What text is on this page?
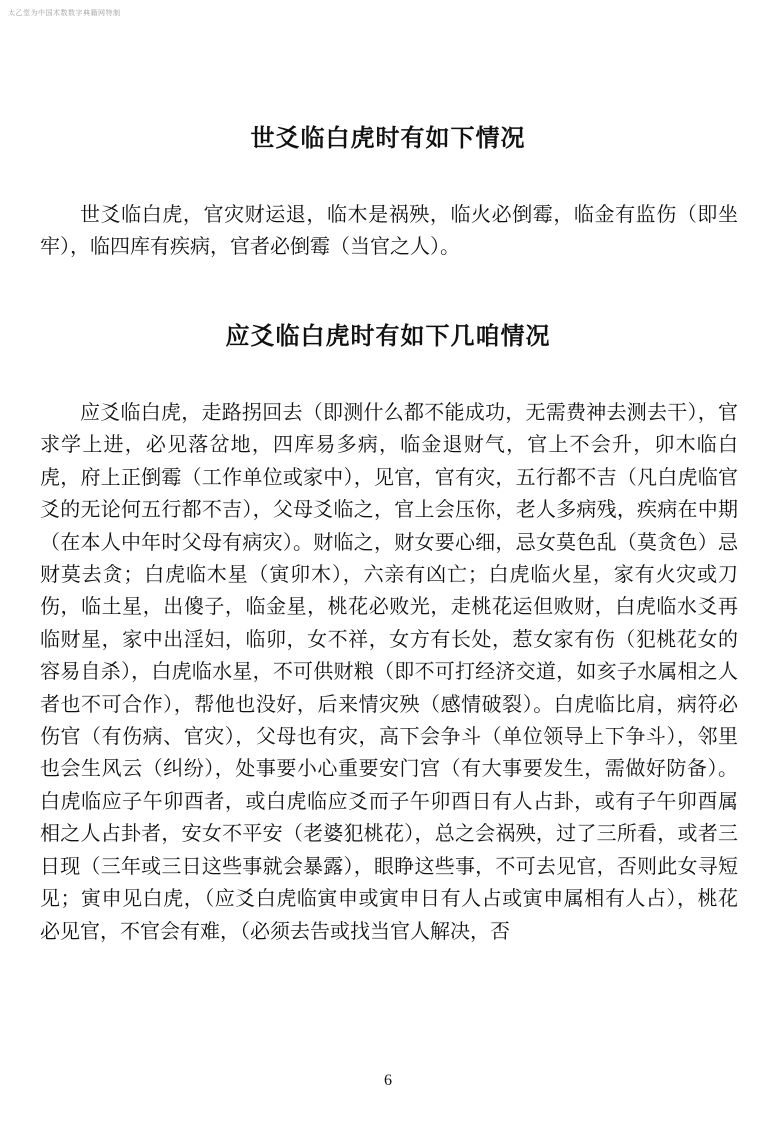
太乙堂为中国术数数字典籍网特制
世爻临白虎时有如下情况

世爻临白虎，官灾财运退，临木是祸殃，临火必倒霉，临金有监伤（即坐牢），临四库有疾病，官者必倒霉（当官之人）。

应爻临白虎时有如下几咱情况

应爻临白虎，走路拐回去（即测什么都不能成功，无需费神去测去干），官求学上进，必见落岔地，四库易多病，临金退财气，官上不会升，卯木临白虎，府上正倒霉（工作单位或家中），见官，官有灾，五行都不吉（凡白虎临官爻的无论何五行都不吉），父母爻临之，官上会压你，老人多病残，疾病在中期（在本人中年时父母有病灾）。财临之，财女要心细，忌女莫色乱（莫贪色）忌财莫去贪；白虎临木星（寅卯木），六亲有凶亡；白虎临火星，家有火灾或刀伤，临土星，出傻子，临金星，桃花必败光，走桃花运但败财，白虎临水爻再临财星，家中出淫妇，临卯，女不祥，女方有长处，惹女家有伤（犯桃花女的容易自杀），白虎临水星，不可供财粮（即不可打经济交道，如亥子水属相之人者也不可合作），帮他也没好，后来情灾殃（感情破裂）。白虎临比肩，病符必伤官（有伤病、官灾），父母也有灾，高下会争斗（单位领导上下争斗），邻里也会生风云（纠纷），处事要小心重要安门宫（有大事要发生，需做好防备）。白虎临应子午卯酉者，或白虎临应爻而子午卯酉日有人占卦，或有子午卯酉属相之人占卦者，安女不平安（老婆犯桃花），总之会祸殃，过了三所看，或者三日现（三年或三日这些事就会暴露），眼睁这些事，不可去见官，否则此女寻短见；寅申见白虎，（应爻白虎临寅申或寅申日有人占或寅申属相有人占），桃花必见官，不官会有难，（必须去告或找当官人解决，否

6
